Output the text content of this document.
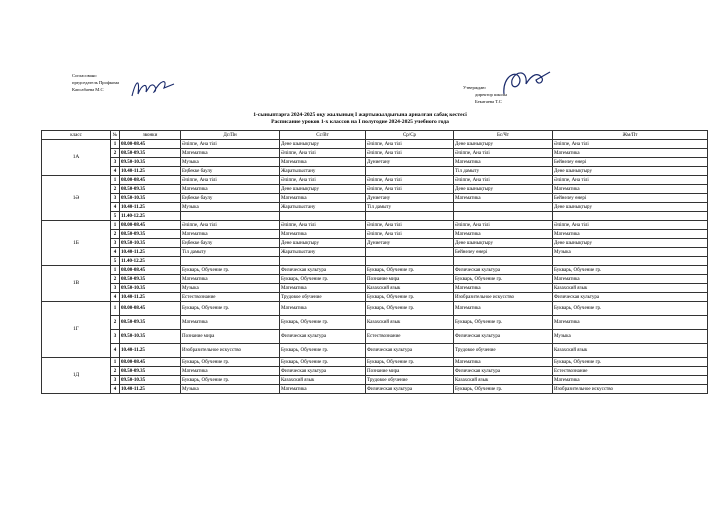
Согласовано
председатель Профкома
Капсабаева М.С	Утверждаю
директор школы
Бекатаева Т.С
1-сыныптарға 2024-2025 оқу жылының I жартыжылдығына арналған сабақ кестесі
Расписание уроков 1-х классов на I полугодие 2024-2025 учебного года
класс	№	звонки	Дс/Пн	Сс/Вт	Ср/Ср	Бс/Чт	Жм/Пт
1А	1	08.00-08.45	Әліппе, Ана тілі	Дене шынықтыру	Әліппе, Ана тілі	Дене шынықтыру	Әліппе, Ана тілі
	2	08.50-09.35	Математика	Әліппе, Ана тілі	Әліппе, Ана тілі	Әліппе, Ана тілі	Математика
	3	09.50-10.35	Музыка	Математика	Дүниетану	Математика	Бейнелеу өнері
	4	10.40-11.25	Еңбекке баулу	Жаратылыстану		Тіл дамыту	Дене шынықтыру
1Ә	1	08.00-08.45	Әліппе, Ана тілі	Әліппе, Ана тілі	Әліппе, Ана тілі	Әліппе, Ана тілі	Әліппе, Ана тілі
	2	08.50-09.35	Математика	Дене шынықтыру	Әліппе, Ана тілі	Дене шынықтыру	Математика
	3	09.50-10.35	Еңбекке баулу	Математика	Дүниетану	Математика	Бейнелеу өнері
	4	10.40-11.25	Музыка	Жаратылыстану	Тіл дамыту		Дене шынықтыру
	5	11.40-12.25					
1Б	1	08.00-08.45	Әліппе, Ана тілі	Әліппе, Ана тілі	Әліппе, Ана тілі	Әліппе, Ана тілі	Әліппе, Ана тілі
	2	08.50-09.35	Математика	Математика	Әліппе, Ана тілі	Математика	Математика
	3	09.50-10.35	Еңбекке баулу	Дене шынықтыру	Дүниетану	Дене шынықтыру	Дене шынықтыру
	4	10.40-11.25	Тіл дамыту	Жаратылыстану		Бейнелеу өнері	Музыка
	5	11.40-12.25					
1В	1	08.00-08.45	Букварь, Обучение гр.	Физическая культура	Букварь, Обучение гр.	Физическая культура	Букварь, Обучение гр.
	2	08.50-09.35	Математика	Букварь, Обучение гр.	Познание мира	Букварь, Обучение гр.	Математика
	3	09.50-10.35	Музыка	Математика	Казахский язык	Математика	Казахский язык
	4	10.40-11.25	Естествознание	Трудовое обучение	Букварь, Обучение гр.	Изобразительное искусство	Физическая культура
1Г	1	08.00-08.45	Букварь, Обучение гр.	Математика	Букварь, Обучение гр.	Математика	Букварь, Обучение гр.
	2	08.50-09.35	Математика	Букварь, Обучение гр.	Казахский язык	Букварь, Обучение гр.	Математика
	3	09.50-10.35	Познание мира	Физическая культура	Естествознание	Физическая культура	Музыка
	4	10.40-11.25	Изобразительное искусство	Букварь, Обучение гр.	Физическая культура	Трудовое обучение	Казахский язык
1Д	1	08.00-08.45	Букварь, Обучение гр.	Букварь, Обучение гр.	Букварь, Обучение гр.	Математика	Букварь, Обучение гр.
	2	08.50-09.35	Математика	Физическая культура	Познание мира	Физическая культура	Естествознание
	3	09.50-10.35	Букварь, Обучение гр.	Казахский язык	Трудовое обучение	Казахский язык	Математика
	4	10.40-11.25	Музыка	Математика	Физическая культура	Букварь, Обучение гр.	Изобразительное искусство
